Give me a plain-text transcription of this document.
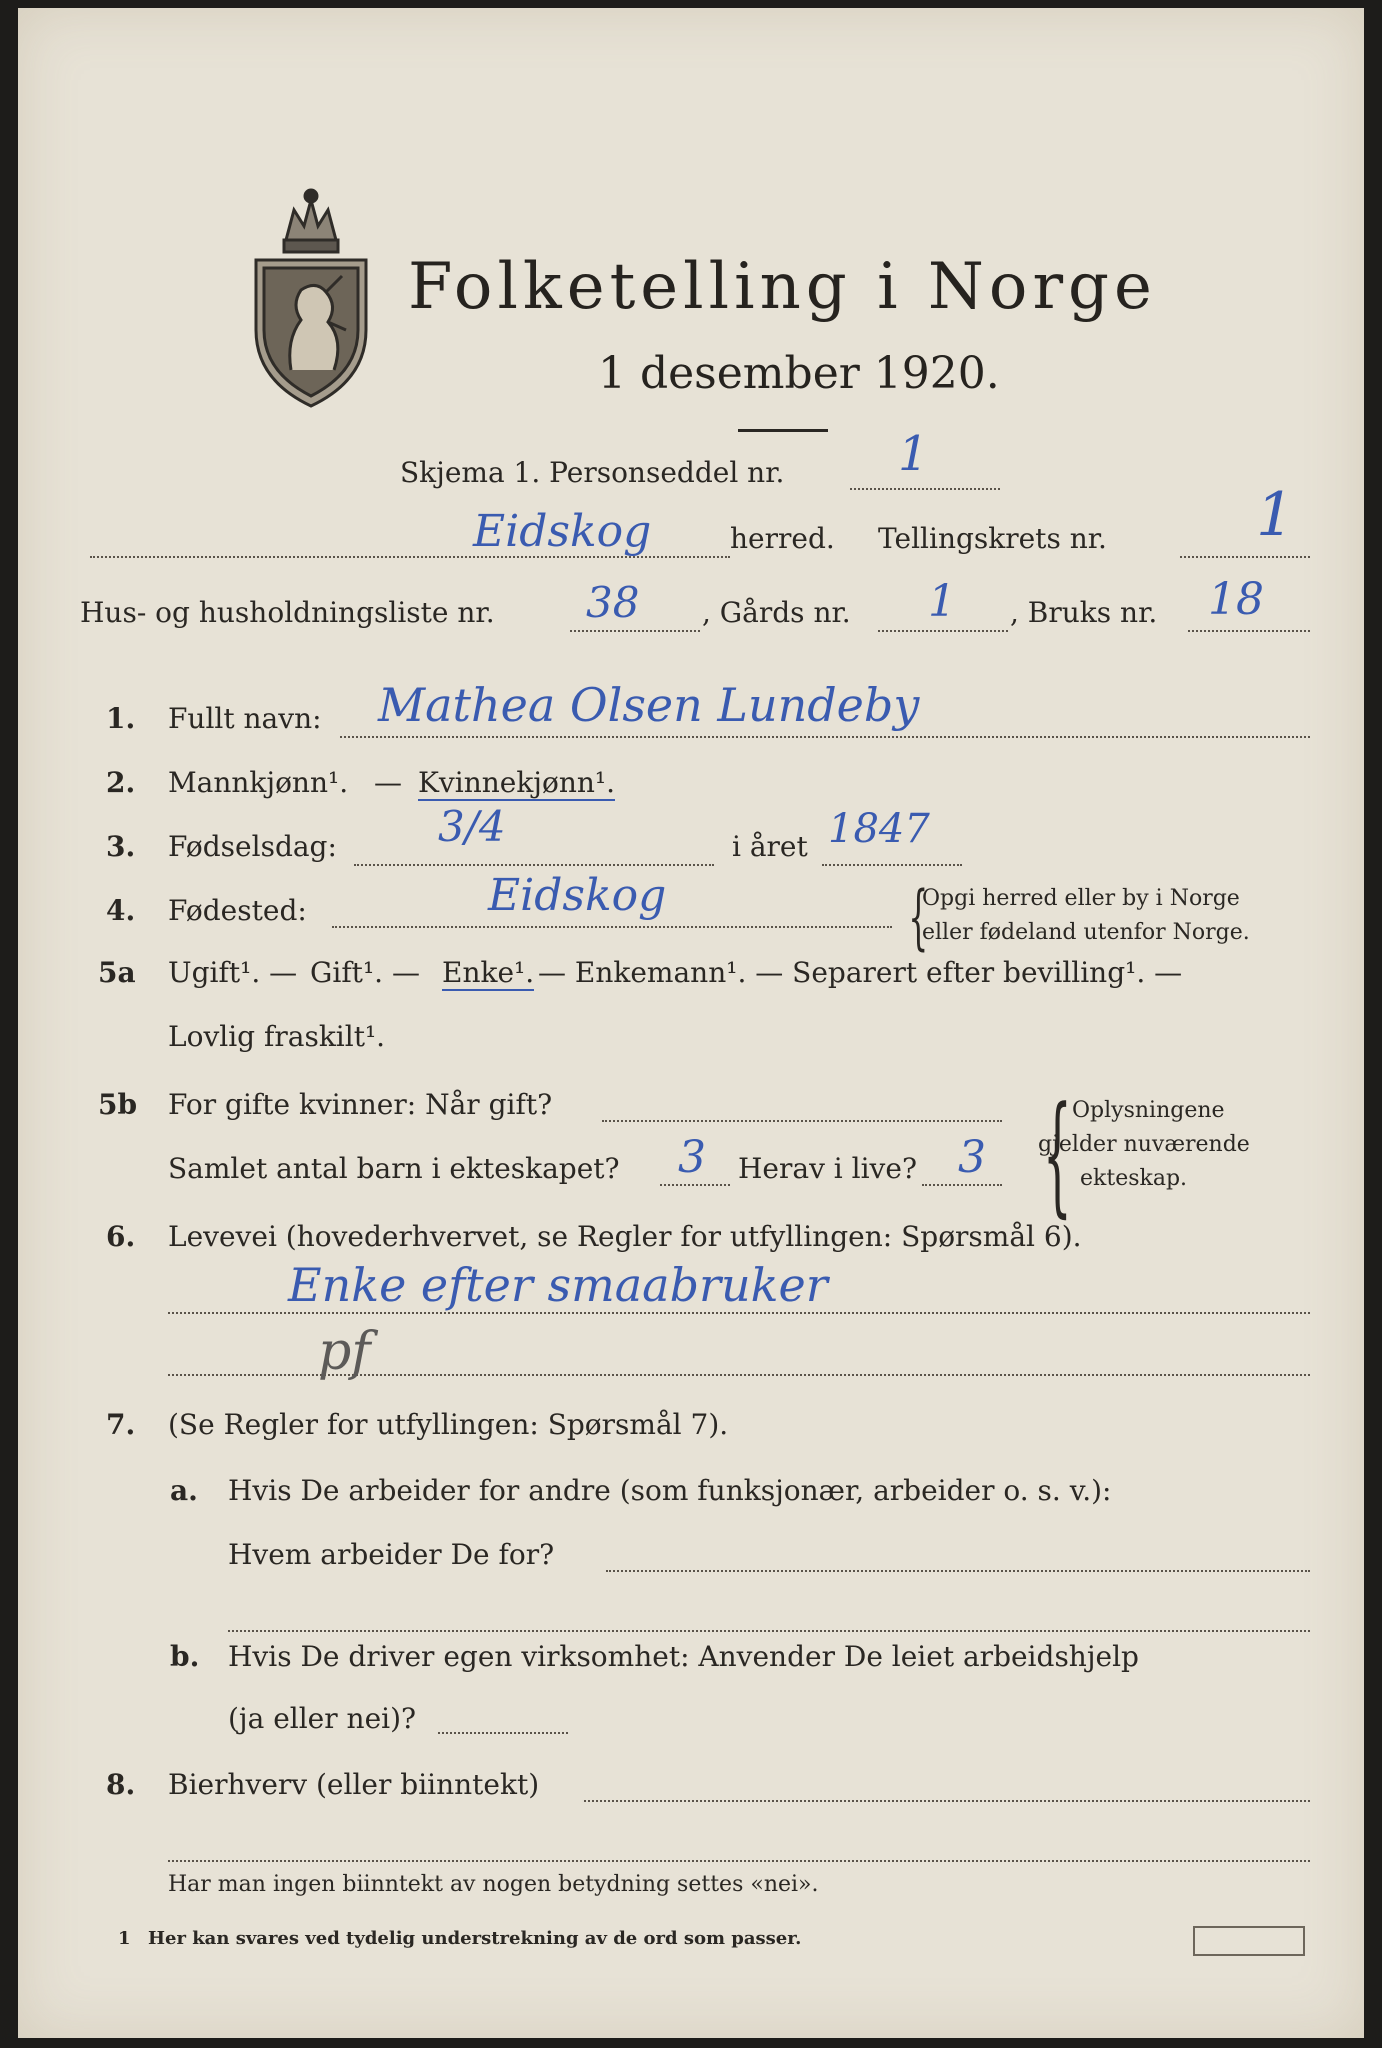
Folketelling i Norge
1 desember 1920.
Skjema 1. Personseddel nr. 1
Eidskog	herred. Tellingskrets nr. 1
Hus- og husholdningsliste nr. 38 , Gårds nr. 1 , Bruks nr. 18
1. Fullt navn: Mathea Olsen Lundeby
2. Mannkjønn¹. — Kvinnekjønn¹.
3. Fødselsdag: 3/4	i året 1847
4. Fødested:	Eidskog	{
Opgi herred eller by i Norge
eller fødeland utenfor Norge.
5a Ugift¹. — Gift¹. — Enke¹. — Enkemann¹. — Separert efter bevilling¹. —
Lovlig fraskilt¹.
5b For gifte kvinner: Når gift?
Samlet antal barn i ekteskapet? 3 Herav i live? 3 { Oplysningene
gjelder nuværende
ekteskap.
6. Levevei (hovederhvervet, se Regler for utfyllingen: Spørsmål 6).
Enke efter smaabruker
pf
7. (Se Regler for utfyllingen: Spørsmål 7).
a. Hvis De arbeider for andre (som funksjonær, arbeider o. s. v.):
Hvem arbeider De for?
b. Hvis De driver egen virksomhet: Anvender De leiet arbeidshjelp
(ja eller nei)?
8. Bierhverv (eller biinntekt)
Har man ingen biinntekt av nogen betydning settes «nei».
1 Her kan svares ved tydelig understrekning av de ord som passer.
